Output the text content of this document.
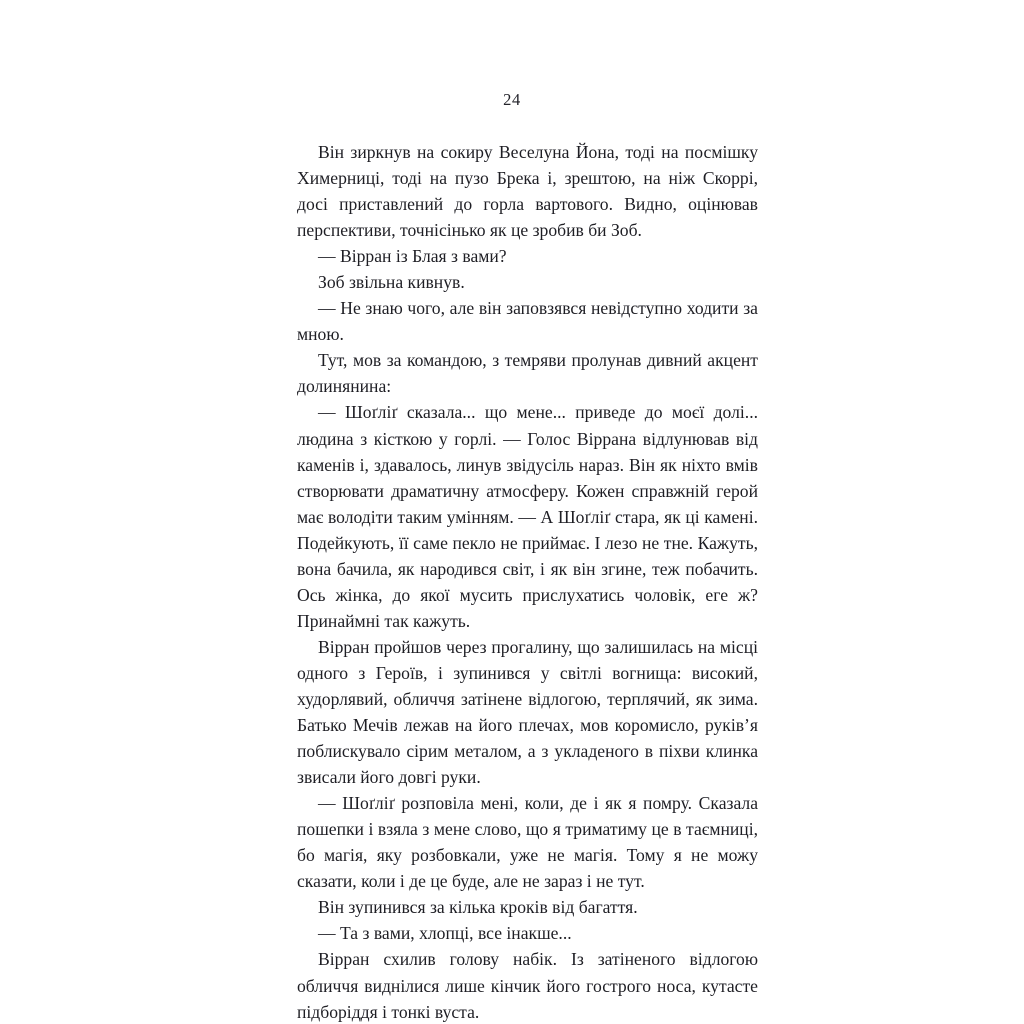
24

Він зиркнув на сокиру Веселуна Йона, тоді на посмішку Химерниці, тоді на пузо Брека і, зрештою, на ніж Скоррі, досі приставлений до горла вартового. Видно, оцінював перспективи, точнісінько як це зробив би Зоб.

— Вірран із Блая з вами?

Зоб звільна кивнув.

— Не знаю чого, але він заповзявся невідступно ходити за мною.

Тут, мов за командою, з темряви пролунав дивний акцент долинянина:

— Шоґліґ сказала... що мене... приведе до моєї долі... людина з кісткою у горлі. — Голос Віррана відлунював від каменів і, здавалось, линув звідусіль нараз. Він як ніхто вмів створювати драматичну атмосферу. Кожен справжній герой має володіти таким умінням. — А Шоґліґ стара, як ці камені. Подейкують, її саме пекло не приймає. І лезо не тне. Кажуть, вона бачила, як народився світ, і як він згине, теж побачить. Ось жінка, до якої мусить прислухатись чоловік, еге ж? Принаймні так кажуть.

Вірран пройшов через прогалину, що залишилась на місці одного з Героїв, і зупинився у світлі вогнища: високий, худорлявий, обличчя затінене відлогою, терплячий, як зима. Батько Мечів лежав на його плечах, мов коромисло, руків’я поблискувало сірим металом, а з укладеного в піхви клинка звисали його довгі руки.

— Шоґліґ розповіла мені, коли, де і як я помру. Сказала пошепки і взяла з мене слово, що я триматиму це в таємниці, бо магія, яку розбовкали, уже не магія. Тому я не можу сказати, коли і де це буде, але не зараз і не тут.

Він зупинився за кілька кроків від багаття.

— Та з вами, хлопці, все інакше...

Вірран схилив голову набік. Із затіненого відлогою обличчя виднілися лише кінчик його гострого носа, кутасте підборіддя і тонкі вуста.
